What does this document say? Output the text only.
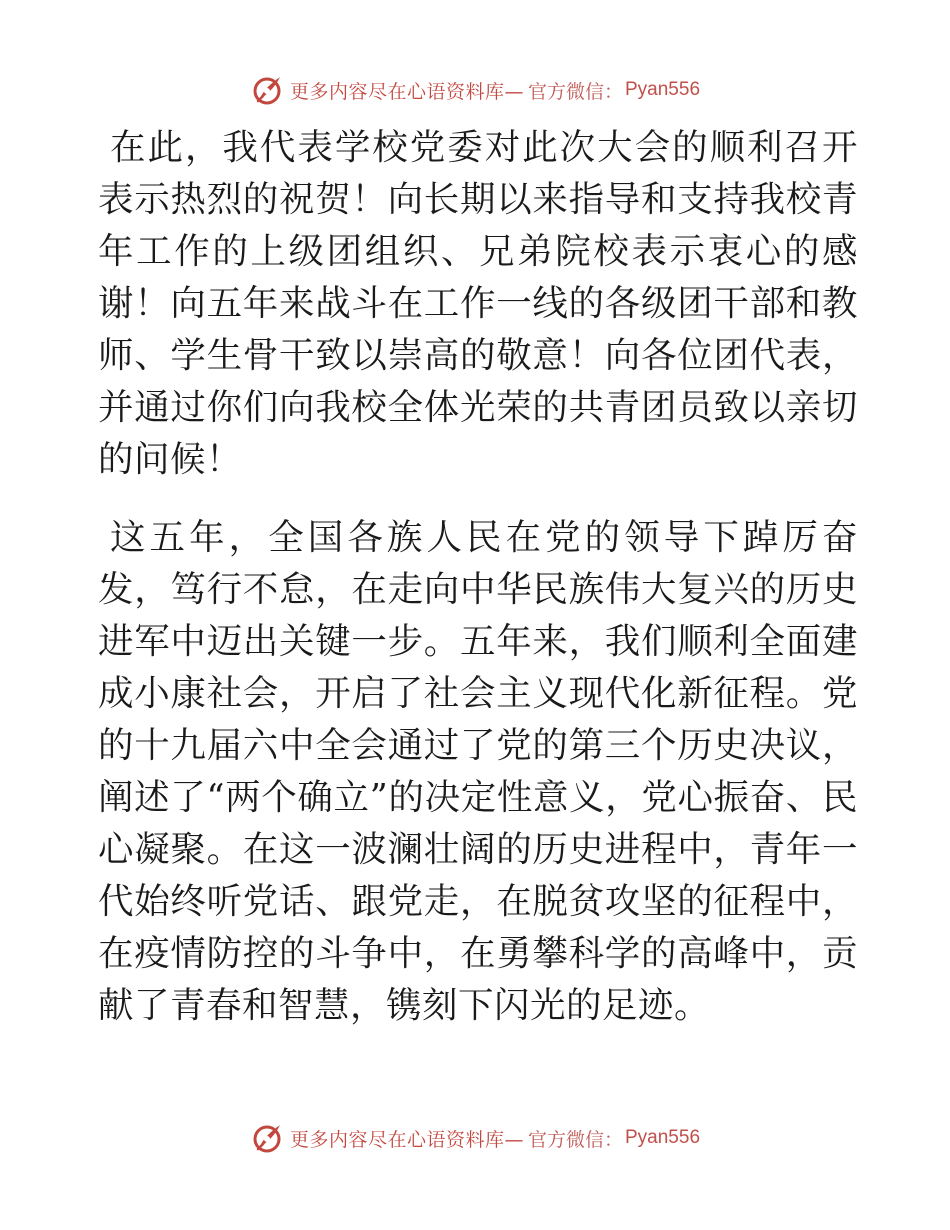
更多内容尽在心语资料库— 官方微信： Pyan556

在此，我代表学校党委对此次大会的顺利召开表示热烈的祝贺！向长期以来指导和支持我校青年工作的上级团组织、兄弟院校表示衷心的感谢！向五年来战斗在工作一线的各级团干部和教师、学生骨干致以崇高的敬意！向各位团代表，并通过你们向我校全体光荣的共青团员致以亲切的问候！

这五年，全国各族人民在党的领导下踔厉奋发，笃行不怠，在走向中华民族伟大复兴的历史进军中迈出关键一步。五年来，我们顺利全面建成小康社会，开启了社会主义现代化新征程。党的十九届六中全会通过了党的第三个历史决议，阐述了“两个确立”的决定性意义，党心振奋、民心凝聚。在这一波澜壮阔的历史进程中，青年一代始终听党话、跟党走，在脱贫攻坚的征程中，在疫情防控的斗争中，在勇攀科学的高峰中，贡献了青春和智慧，镌刻下闪光的足迹。

更多内容尽在心语资料库— 官方微信： Pyan556
